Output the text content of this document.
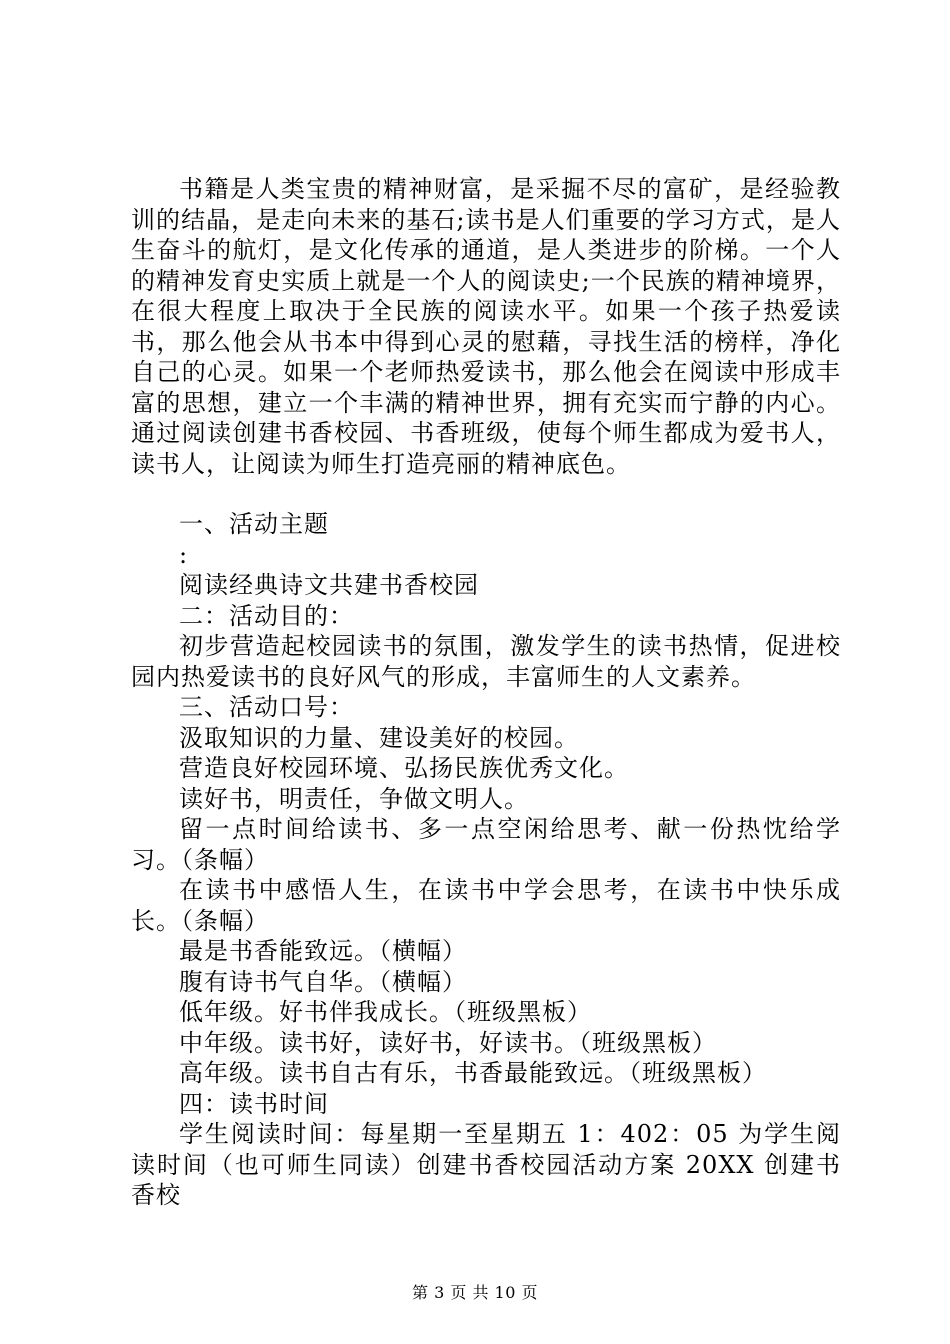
书籍是人类宝贵的精神财富，是采掘不尽的富矿，是经验教训的结晶，是走向未来的基石;读书是人们重要的学习方式，是人生奋斗的航灯，是文化传承的通道，是人类进步的阶梯。一个人的精神发育史实质上就是一个人的阅读史;一个民族的精神境界，在很大程度上取决于全民族的阅读水平。如果一个孩子热爱读书，那么他会从书本中得到心灵的慰藉，寻找生活的榜样，净化自己的心灵。如果一个老师热爱读书，那么他会在阅读中形成丰富的思想，建立一个丰满的精神世界，拥有充实而宁静的内心。通过阅读创建书香校园、书香班级，使每个师生都成为爱书人，读书人，让阅读为师生打造亮丽的精神底色。

一、活动主题

:

阅读经典诗文共建书香校园

二：活动目的：

初步营造起校园读书的氛围，激发学生的读书热情，促进校园内热爱读书的良好风气的形成，丰富师生的人文素养。

三、活动口号：

汲取知识的力量、建设美好的校园。

营造良好校园环境、弘扬民族优秀文化。

读好书，明责任，争做文明人。

留一点时间给读书、多一点空闲给思考、献一份热忱给学习。（条幅）

在读书中感悟人生，在读书中学会思考，在读书中快乐成长。（条幅）

最是书香能致远。（横幅）

腹有诗书气自华。（横幅）

低年级。好书伴我成长。（班级黑板）

中年级。读书好，读好书，好读书。（班级黑板）

高年级。读书自古有乐，书香最能致远。（班级黑板）

四：读书时间

学生阅读时间：每星期一至星期五 1：402：05 为学生阅读时间（也可师生同读）创建书香校园活动方案 20XX 创建书香校

第 3 页 共 10 页
